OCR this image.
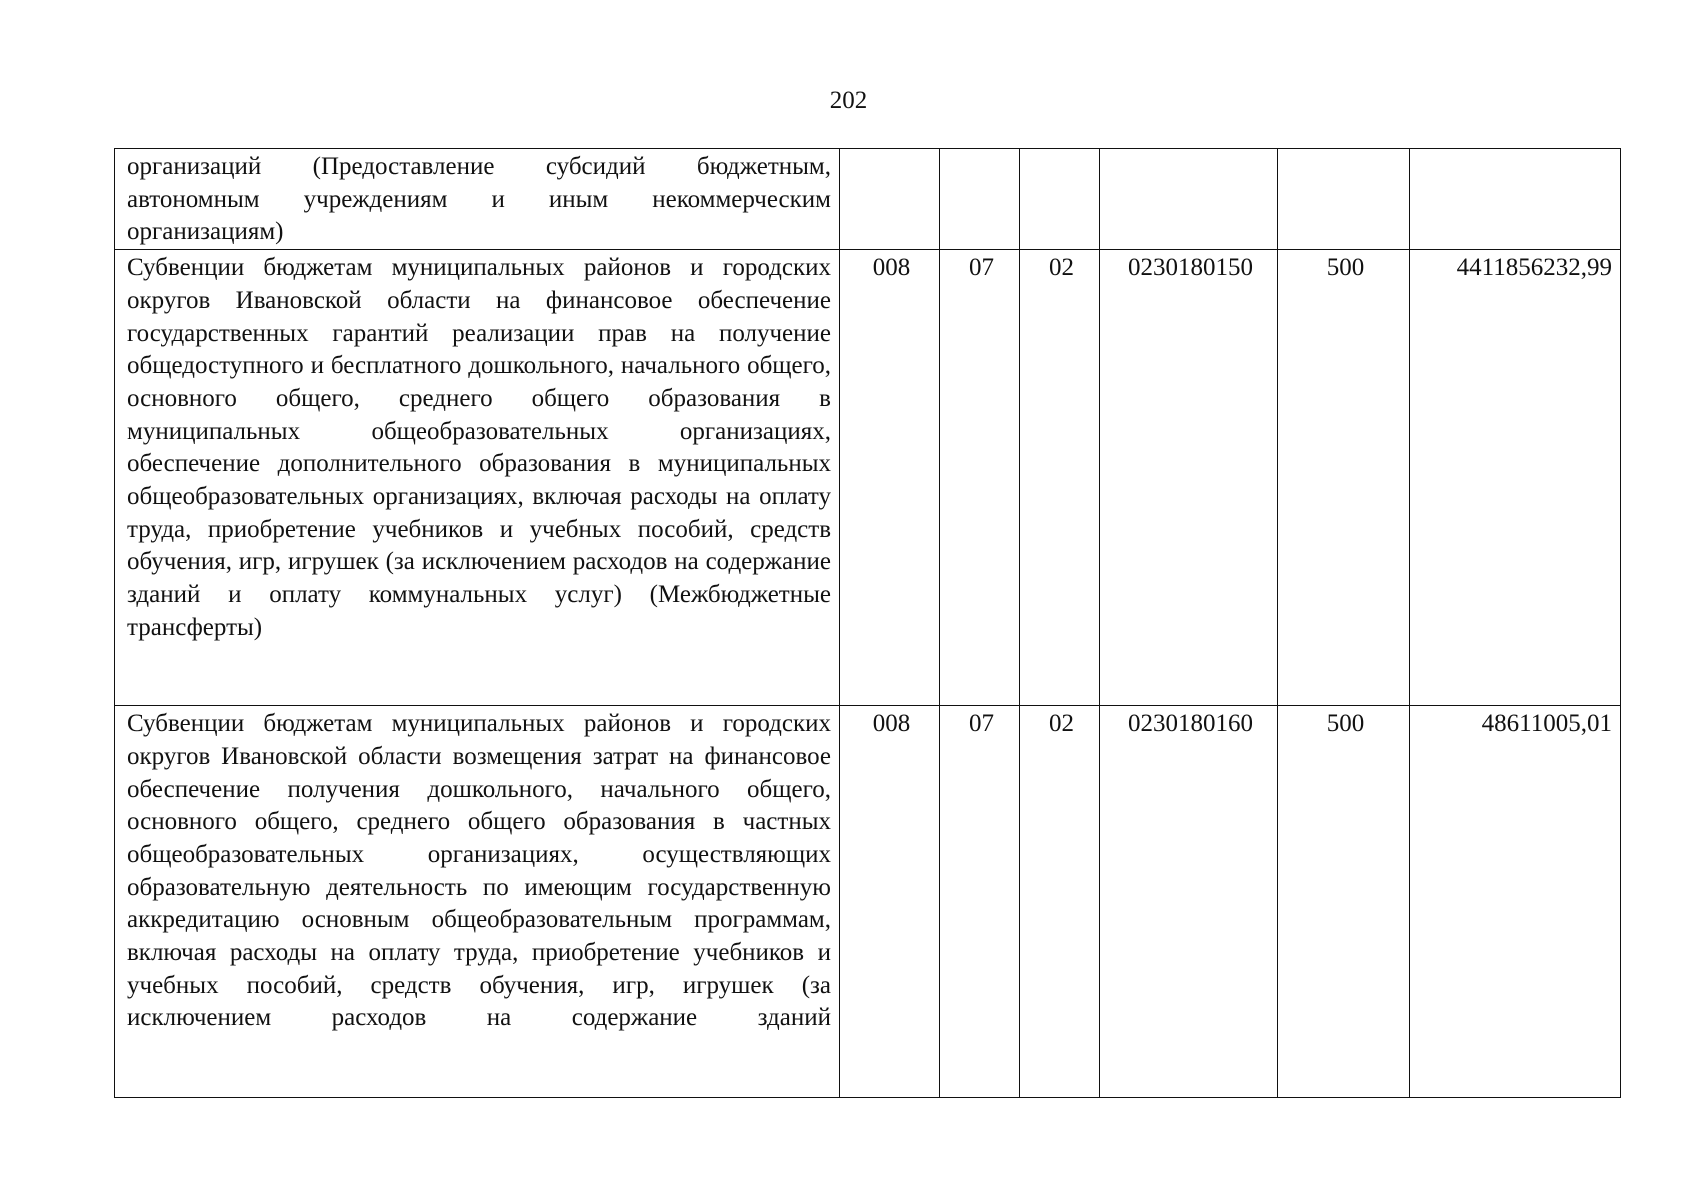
202
организаций (Предоставление субсидий бюджетным, автономным учреждениям и иным некоммерческим
организациям)						

Субвенции бюджетам муниципальных районов и городских округов Ивановской области на финансовое обеспечение государственных гарантий реализации прав на получение общедоступного и бесплатного дошкольного, начального общего, основного общего, среднего общего образования в муниципальных общеобразовательных организациях, обеспечение дополнительного образования в муниципальных общеобразовательных организациях, включая расходы на оплату труда, приобретение учебников и учебных пособий, средств обучения, игр, игрушек (за исключением расходов на содержание зданий и оплату коммунальных услуг) (Межбюджетные
трансферты)	008	07	02	0230180150	500	4411856232,99
Субвенции бюджетам муниципальных районов и городских округов Ивановской области возмещения затрат на финансовое обеспечение получения дошкольного, начального общего, основного общего, среднего общего образования в частных общеобразовательных организациях, осуществляющих образовательную деятельность по имеющим государственную аккредитацию основным общеобразовательным программам, включая расходы на оплату труда, приобретение учебников и учебных пособий, средств обучения, игр, игрушек (за исключением расходов на содержание зданий	008	07	02	0230180160	500	48611005,01
